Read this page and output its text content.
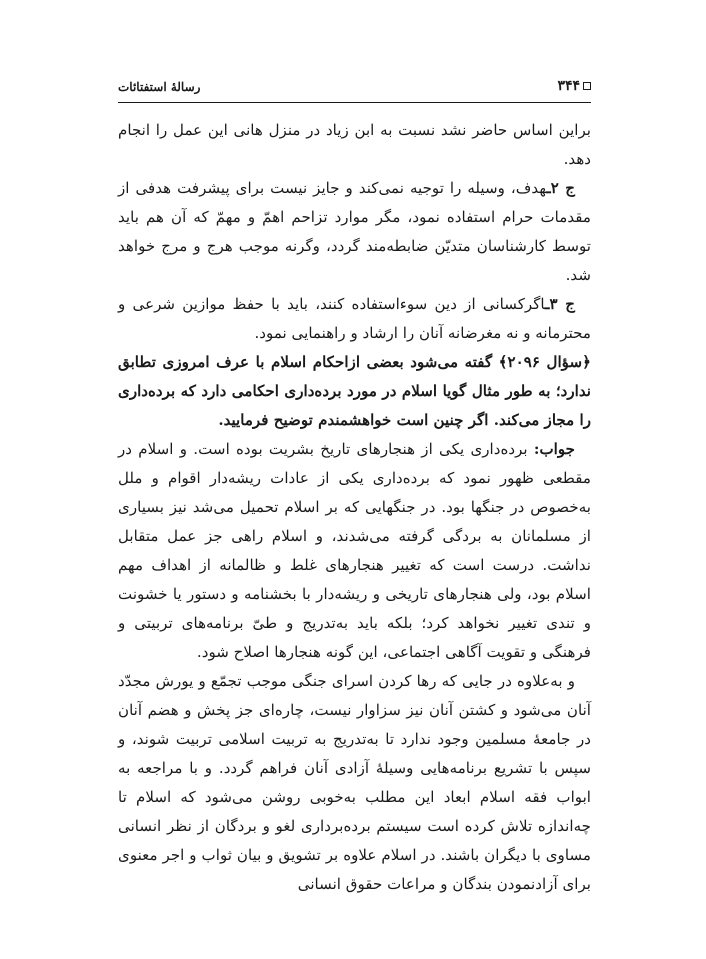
رسالهٔ استفتائات	۳۴۴

براین اساس حاضر نشد نسبت به ابن زیاد در منزل هانی این عمل را انجام دهد.

ج ۲ـهدف، وسیله را توجیه نمی‌کند و جایز نیست برای پیشرفت هدفی از مقدمات حرام استفاده نمود، مگر موارد تزاحم اهمّ و مهمّ که آن هم باید توسط کارشناسان متدیّن ضابطه‌مند گردد، وگرنه موجب هرج و مرج خواهد شد.

ج ۳ـاگرکسانی از دین سوءاستفاده کنند، باید با حفظ موازین شرعی و محترمانه و نه مغرضانه آنان را ارشاد و راهنمایی نمود.

﴿سؤال ۲۰۹۶﴾ گفته می‌شود بعضی ازاحکام اسلام با عرف امروزی تطابق ندارد؛ به طور مثال گویا اسلام در مورد برده‌داری احکامی دارد که برده‌داری را مجاز می‌کند. اگر چنین است خواهشمندم توضیح فرمایید.

جواب: برده‌داری یکی از هنجارهای تاریخ بشریت بوده است. و اسلام در مقطعی ظهور نمود که برده‌داری یکی از عادات ریشه‌دار اقوام و ملل به‌خصوص در جنگها بود. در جنگهایی که بر اسلام تحمیل می‌شد نیز بسیاری از مسلمانان به بردگی گرفته می‌شدند، و اسلام راهی جز عمل متقابل نداشت. درست است که تغییر هنجارهای غلط و ظالمانه از اهداف مهم اسلام بود، ولی هنجارهای تاریخی و ریشه‌دار با بخشنامه و دستور یا خشونت و تندی تغییر نخواهد کرد؛ بلکه باید به‌تدریج و طیّ برنامه‌های تربیتی و فرهنگی و تقویت آگاهی اجتماعی، این گونه هنجارها اصلاح شود.

و به‌علاوه در جایی که رها کردن اسرای جنگی موجب تجمّع و یورش مجدّد آنان می‌شود و کشتن آنان نیز سزاوار نیست، چاره‌ای جز پخش و هضم آنان در جامعهٔ مسلمین وجود ندارد تا به‌تدریج به تربیت اسلامی تربیت شوند، و سپس با تشریع برنامه‌هایی وسیلهٔ آزادی آنان فراهم گردد. و با مراجعه به ابواب فقه اسلام ابعاد این مطلب به‌خوبی روشن می‌شود که اسلام تا چه‌اندازه تلاش کرده است سیستم برده‌برداری لغو و بردگان از نظر انسانی مساوی با دیگران باشند. در اسلام علاوه بر تشویق و بیان ثواب و اجر معنوی برای آزادنمودن بندگان و مراعات حقوق انسانی
